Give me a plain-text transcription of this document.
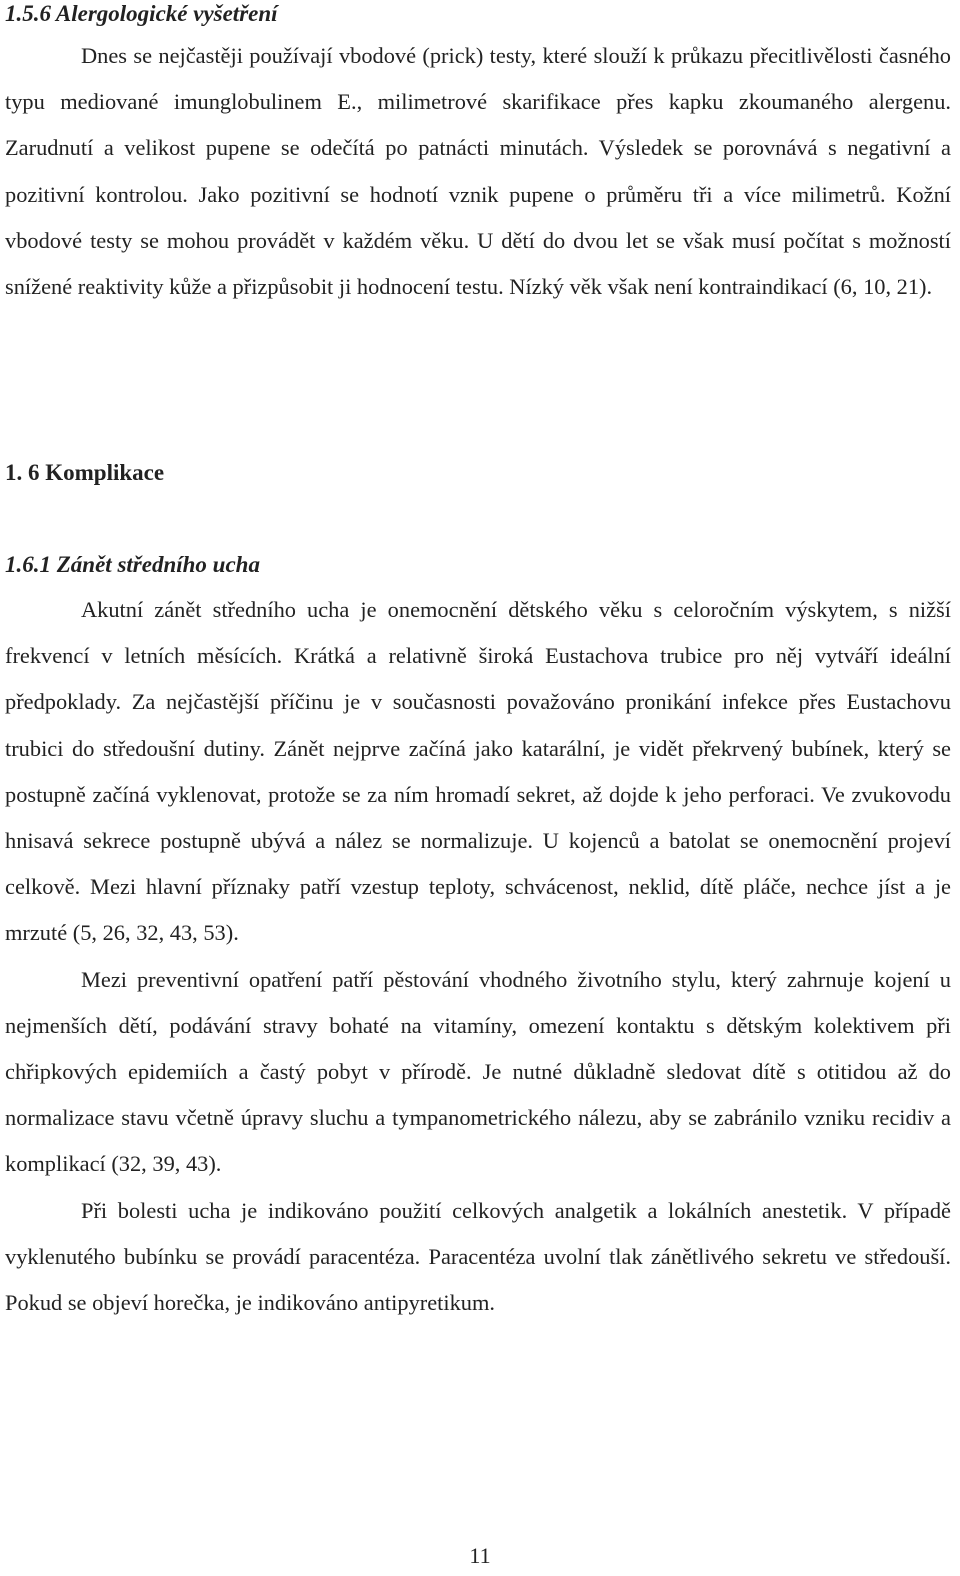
1.5.6 Alergologické vyšetření

Dnes se nejčastěji používají vbodové (prick) testy, které slouží k průkazu přecitlivělosti časného typu mediované imunglobulinem E., milimetrové skarifikace přes kapku zkoumaného alergenu. Zarudnutí a velikost pupene se odečítá po patnácti minutách. Výsledek se porovnává s negativní a pozitivní kontrolou. Jako pozitivní se hodnotí vznik pupene o průměru tři a více milimetrů. Kožní vbodové testy se mohou provádět v každém věku. U dětí do dvou let se však musí počítat s možností snížené reaktivity kůže a přizpůsobit ji hodnocení testu. Nízký věk však není kontraindikací (6, 10, 21).

1. 6 Komplikace
1.6.1 Zánět středního ucha

Akutní zánět středního ucha je onemocnění dětského věku s celoročním výskytem, s nižší frekvencí v letních měsících. Krátká a relativně široká Eustachova trubice pro něj vytváří ideální předpoklady. Za nejčastější příčinu je v současnosti považováno pronikání infekce přes Eustachovu trubici do středoušní dutiny. Zánět nejprve začíná jako katarální, je vidět překrvený bubínek, který se postupně začíná vyklenovat, protože se za ním hromadí sekret, až dojde k jeho perforaci. Ve zvukovodu hnisavá sekrece postupně ubývá a nález se normalizuje. U kojenců a batolat se onemocnění projeví celkově. Mezi hlavní příznaky patří vzestup teploty, schvácenost, neklid, dítě pláče, nechce jíst a je mrzuté (5, 26, 32, 43, 53).

Mezi preventivní opatření patří pěstování vhodného životního stylu, který zahrnuje kojení u nejmenších dětí, podávání stravy bohaté na vitamíny, omezení kontaktu s dětským kolektivem při chřipkových epidemiích a častý pobyt v přírodě. Je nutné důkladně sledovat dítě s otitidou až do normalizace stavu včetně úpravy sluchu a tympanometrického nálezu, aby se zabránilo vzniku recidiv a komplikací (32, 39, 43).

Při bolesti ucha je indikováno použití celkových analgetik a lokálních anestetik. V případě vyklenutého bubínku se provádí paracentéza. Paracentéza uvolní tlak zánětlivého sekretu ve středouší. Pokud se objeví horečka, je indikováno antipyretikum.

11
